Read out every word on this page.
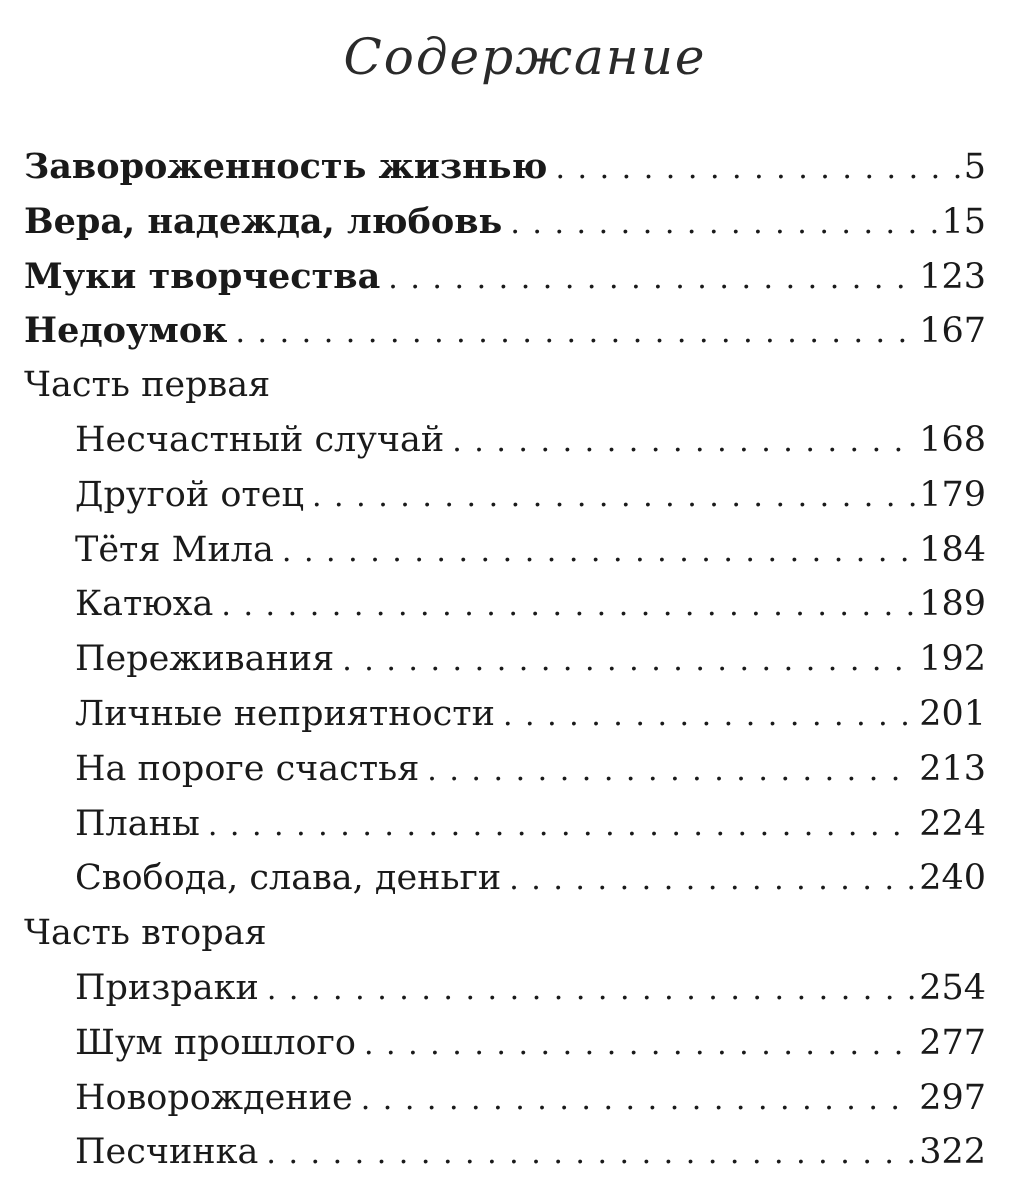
Содержание
Завороженность жизнью . . .	5
Вера, надежда, любовь . . .	15
Муки творчества . . .	123
Недоумок . . .	167
Часть первая
Несчастный случай . . .	168
Другой отец . . .	179
Тётя Мила . . .	184
Катюха . . .	189
Переживания . . .	192
Личные неприятности . . .	201
На пороге счастья . . .	213
Планы . . .	224
Свобода, слава, деньги . . .	240
Часть вторая
Призраки . . .	254
Шум прошлого . . .	277
Новорождение . . .	297
Песчинка . . .	322
